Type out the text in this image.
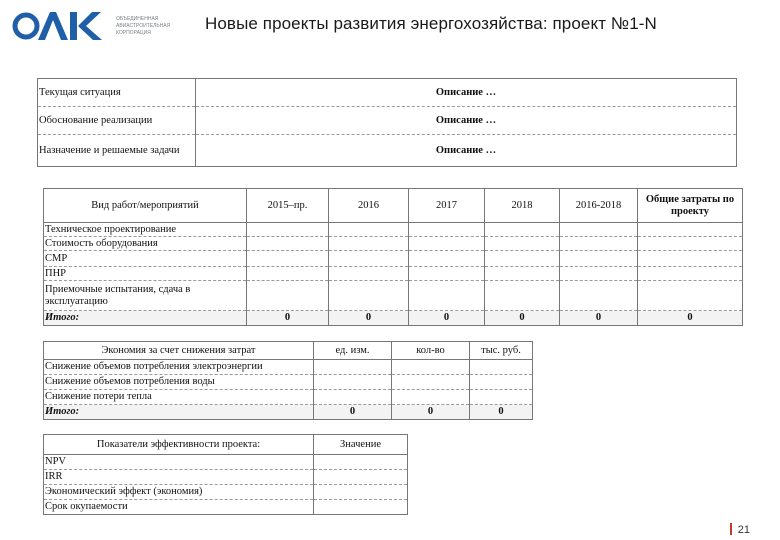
ОБЪЕДИНЕННАЯ АВИАСТРОИТЕЛЬНАЯ КОРПОРАЦИЯ	Новые проекты развития энергохозяйства: проект №1-N
Текущая ситуация	Описание …
Обоснование реализации	Описание …
Назначение и решаемые задачи	Описание …
Вид работ/мероприятий	2015–пр.	2016	2017	2018	2016-2018	Общие затраты по проекту
Техническое проектирование						
Стоимость оборудования						
СМР						
ПНР						
Приемочные испытания, сдача в эксплуатацию						
Итого:	0	0	0	0	0	0
Экономия за счет снижения затрат	ед. изм.	кол-во	тыс. руб.
Снижение объемов потребления электроэнергии			
Снижение объемов потребления воды			
Снижение потери тепла			
Итого:	0	0	0
Показатели эффективности проекта:	Значение
NPV	
IRR	
Экономический эффект (экономия)	
Срок окупаемости	
21
